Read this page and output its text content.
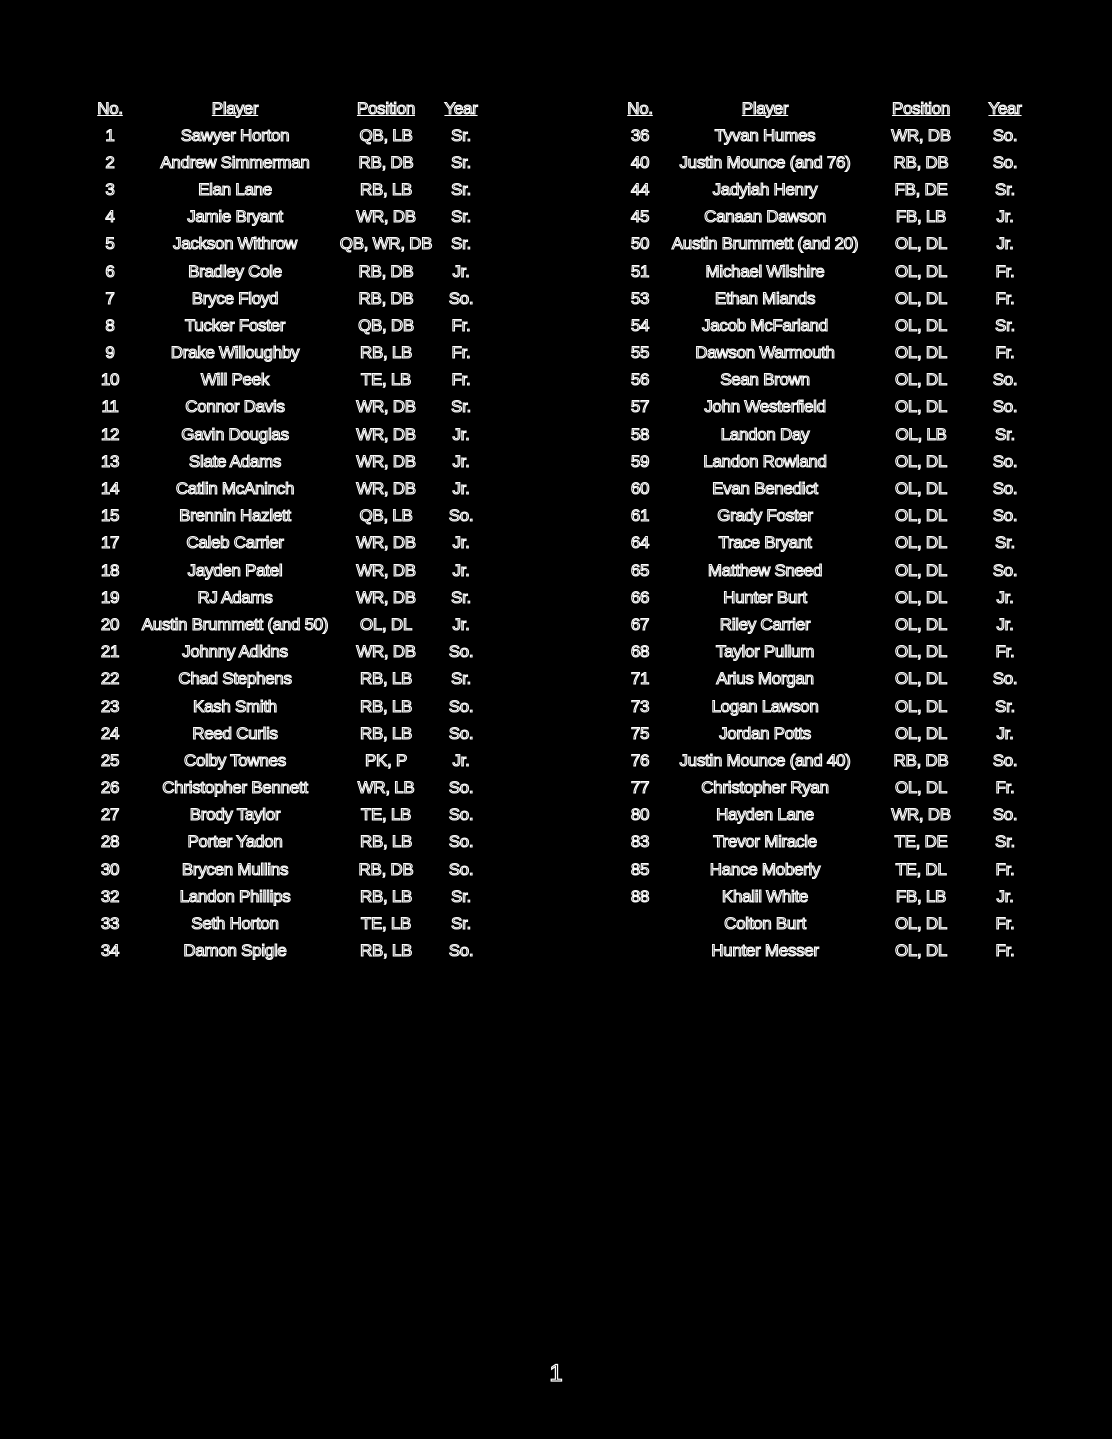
No.	Player	Position	Year
1	Sawyer Horton	QB, LB	Sr.
2	Andrew Simmerman	RB, DB	Sr.
3	Elan Lane	RB, LB	Sr.
4	Jamie Bryant	WR, DB	Sr.
5	Jackson Withrow	QB, WR, DB	Sr.
6	Bradley Cole	RB, DB	Jr.
7	Bryce Floyd	RB, DB	So.
8	Tucker Foster	QB, DB	Fr.
9	Drake Willoughby	RB, LB	Fr.
10	Will Peek	TE, LB	Fr.
11	Connor Davis	WR, DB	Sr.
12	Gavin Douglas	WR, DB	Jr.
13	Slate Adams	WR, DB	Jr.
14	Catlin McAninch	WR, DB	Jr.
15	Brennin Hazlett	QB, LB	So.
17	Caleb Carrier	WR, DB	Jr.
18	Jayden Patel	WR, DB	Jr.
19	RJ Adams	WR, DB	Sr.
20	Austin Brummett (and 50)	OL, DL	Jr.
21	Johnny Adkins	WR, DB	So.
22	Chad Stephens	RB, LB	Sr.
23	Kash Smith	RB, LB	So.
24	Reed Curlis	RB, LB	So.
25	Colby Townes	PK, P	Jr.
26	Christopher Bennett	WR, LB	So.
27	Brody Taylor	TE, LB	So.
28	Porter Yadon	RB, LB	So.
30	Brycen Mullins	RB, DB	So.
32	Landon Phillips	RB, LB	Sr.
33	Seth Horton	TE, LB	Sr.
34	Damon Spigle	RB, LB	So.
No.	Player	Position	Year
36	Tyvan Humes	WR, DB	So.
40	Justin Mounce (and 76)	RB, DB	So.
44	Jadyiah Henry	FB, DE	Sr.
45	Canaan Dawson	FB, LB	Jr.
50	Austin Brummett (and 20)	OL, DL	Jr.
51	Michael Wilshire	OL, DL	Fr.
53	Ethan Miands	OL, DL	Fr.
54	Jacob McFarland	OL, DL	Sr.
55	Dawson Warmouth	OL, DL	Fr.
56	Sean Brown	OL, DL	So.
57	John Westerfield	OL, DL	So.
58	Landon Day	OL, LB	Sr.
59	Landon Rowland	OL, DL	So.
60	Evan Benedict	OL, DL	So.
61	Grady Foster	OL, DL	So.
64	Trace Bryant	OL, DL	Sr.
65	Matthew Sneed	OL, DL	So.
66	Hunter Burt	OL, DL	Jr.
67	Riley Carrier	OL, DL	Jr.
68	Taylor Pullum	OL, DL	Fr.
71	Arius Morgan	OL, DL	So.
73	Logan Lawson	OL, DL	Sr.
75	Jordan Potts	OL, DL	Jr.
76	Justin Mounce (and 40)	RB, DB	So.
77	Christopher Ryan	OL, DL	Fr.
80	Hayden Lane	WR, DB	So.
83	Trevor Miracle	TE, DE	Sr.
85	Hance Moberly	TE, DL	Fr.
88	Khalil White	FB, LB	Jr.
	Colton Burt	OL, DL	Fr.
	Hunter Messer	OL, DL	Fr.
1
